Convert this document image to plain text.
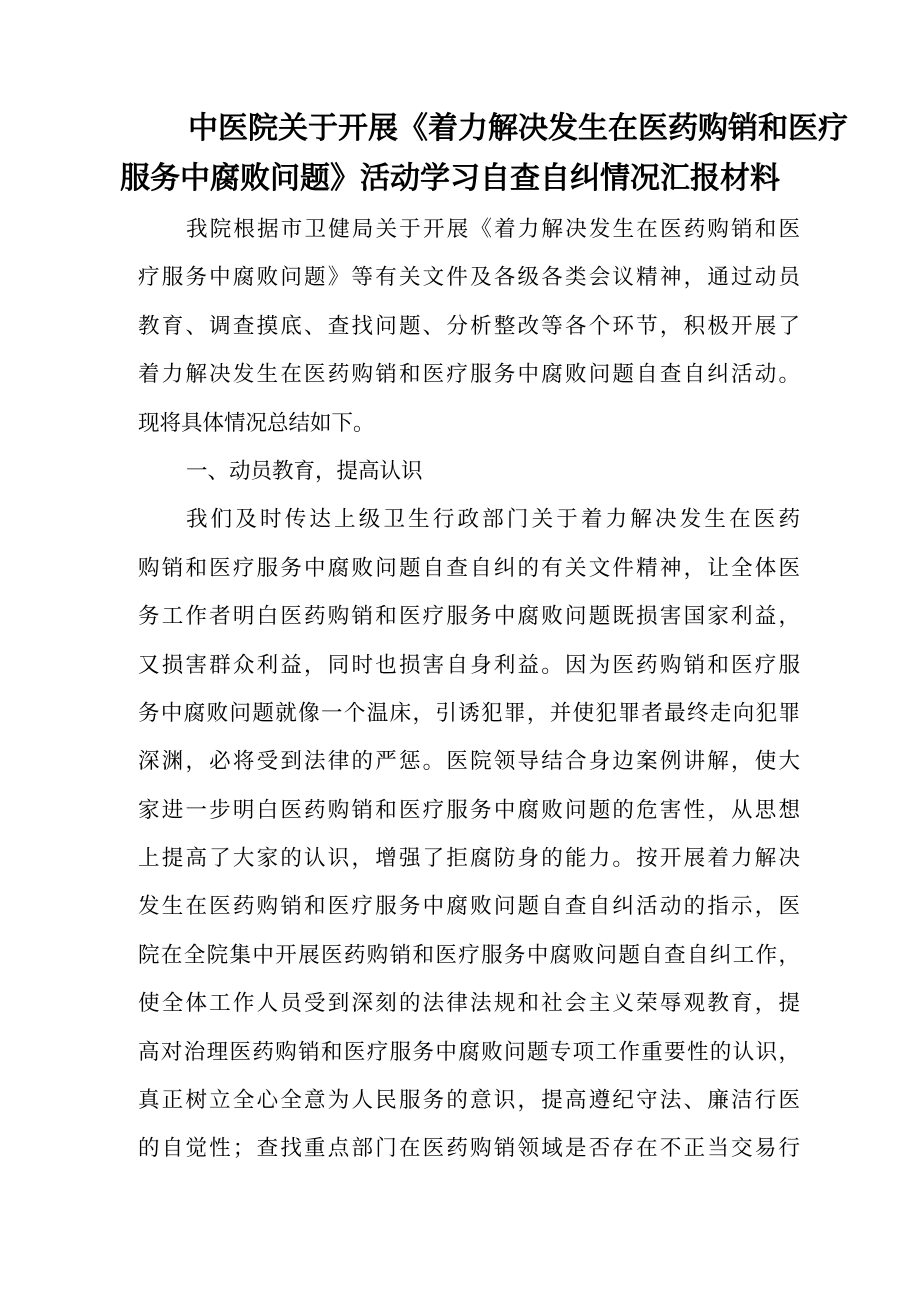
中医院关于开展《着力解决发生在医药购销和医疗
服务中腐败问题》活动学习自查自纠情况汇报材料
我院根据市卫健局关于开展《着力解决发生在医药购销和医
疗服务中腐败问题》等有关文件及各级各类会议精神，通过动员
教育、调查摸底、查找问题、分析整改等各个环节，积极开展了
着力解决发生在医药购销和医疗服务中腐败问题自查自纠活动。
现将具体情况总结如下。
一、动员教育，提高认识
我们及时传达上级卫生行政部门关于着力解决发生在医药
购销和医疗服务中腐败问题自查自纠的有关文件精神，让全体医
务工作者明白医药购销和医疗服务中腐败问题既损害国家利益，
又损害群众利益，同时也损害自身利益。因为医药购销和医疗服
务中腐败问题就像一个温床，引诱犯罪，并使犯罪者最终走向犯罪
深渊，必将受到法律的严惩。医院领导结合身边案例讲解，使大
家进一步明白医药购销和医疗服务中腐败问题的危害性，从思想
上提高了大家的认识，增强了拒腐防身的能力。按开展着力解决
发生在医药购销和医疗服务中腐败问题自查自纠活动的指示，医
院在全院集中开展医药购销和医疗服务中腐败问题自查自纠工作，
使全体工作人员受到深刻的法律法规和社会主义荣辱观教育，提
高对治理医药购销和医疗服务中腐败问题专项工作重要性的认识，
真正树立全心全意为人民服务的意识，提高遵纪守法、廉洁行医
的自觉性；查找重点部门在医药购销领域是否存在不正当交易行
